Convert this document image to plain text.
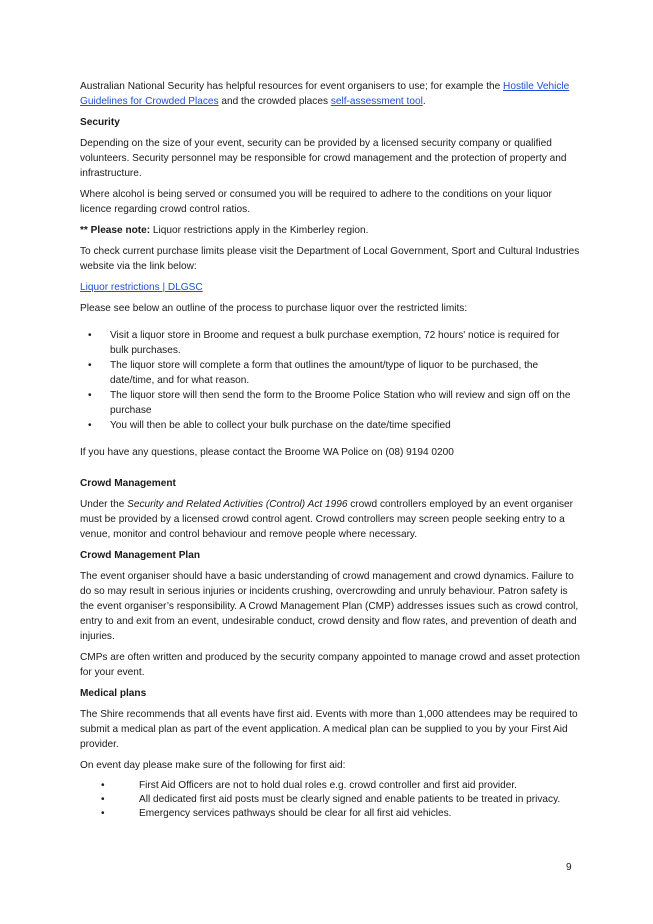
Australian National Security has helpful resources for event organisers to use; for example the Hostile Vehicle Guidelines for Crowded Places and the crowded places self-assessment tool.

Security

Depending on the size of your event, security can be provided by a licensed security company or qualified volunteers. Security personnel may be responsible for crowd management and the protection of property and infrastructure.

Where alcohol is being served or consumed you will be required to adhere to the conditions on your liquor licence regarding crowd control ratios.

** Please note: Liquor restrictions apply in the Kimberley region.

To check current purchase limits please visit the Department of Local Government, Sport and Cultural Industries website via the link below:

Liquor restrictions | DLGSC

Please see below an outline of the process to purchase liquor over the restricted limits:

• Visit a liquor store in Broome and request a bulk purchase exemption, 72 hours' notice is required for bulk purchases.
• The liquor store will complete a form that outlines the amount/type of liquor to be purchased, the date/time, and for what reason.
• The liquor store will then send the form to the Broome Police Station who will review and sign off on the purchase
• You will then be able to collect your bulk purchase on the date/time specified

If you have any questions, please contact the Broome WA Police on (08) 9194 0200

Crowd Management

Under the Security and Related Activities (Control) Act 1996 crowd controllers employed by an event organiser must be provided by a licensed crowd control agent. Crowd controllers may screen people seeking entry to a venue, monitor and control behaviour and remove people where necessary.

Crowd Management Plan

The event organiser should have a basic understanding of crowd management and crowd dynamics. Failure to do so may result in serious injuries or incidents crushing, overcrowding and unruly behaviour. Patron safety is the event organiser’s responsibility. A Crowd Management Plan (CMP) addresses issues such as crowd control, entry to and exit from an event, undesirable conduct, crowd density and flow rates, and prevention of death and injuries.

CMPs are often written and produced by the security company appointed to manage crowd and asset protection for your event.

Medical plans

The Shire recommends that all events have first aid. Events with more than 1,000 attendees may be required to submit a medical plan as part of the event application. A medical plan can be supplied to you by your First Aid provider.

On event day please make sure of the following for first aid:

• First Aid Officers are not to hold dual roles e.g. crowd controller and first aid provider.
• All dedicated first aid posts must be clearly signed and enable patients to be treated in privacy.
• Emergency services pathways should be clear for all first aid vehicles.
9
